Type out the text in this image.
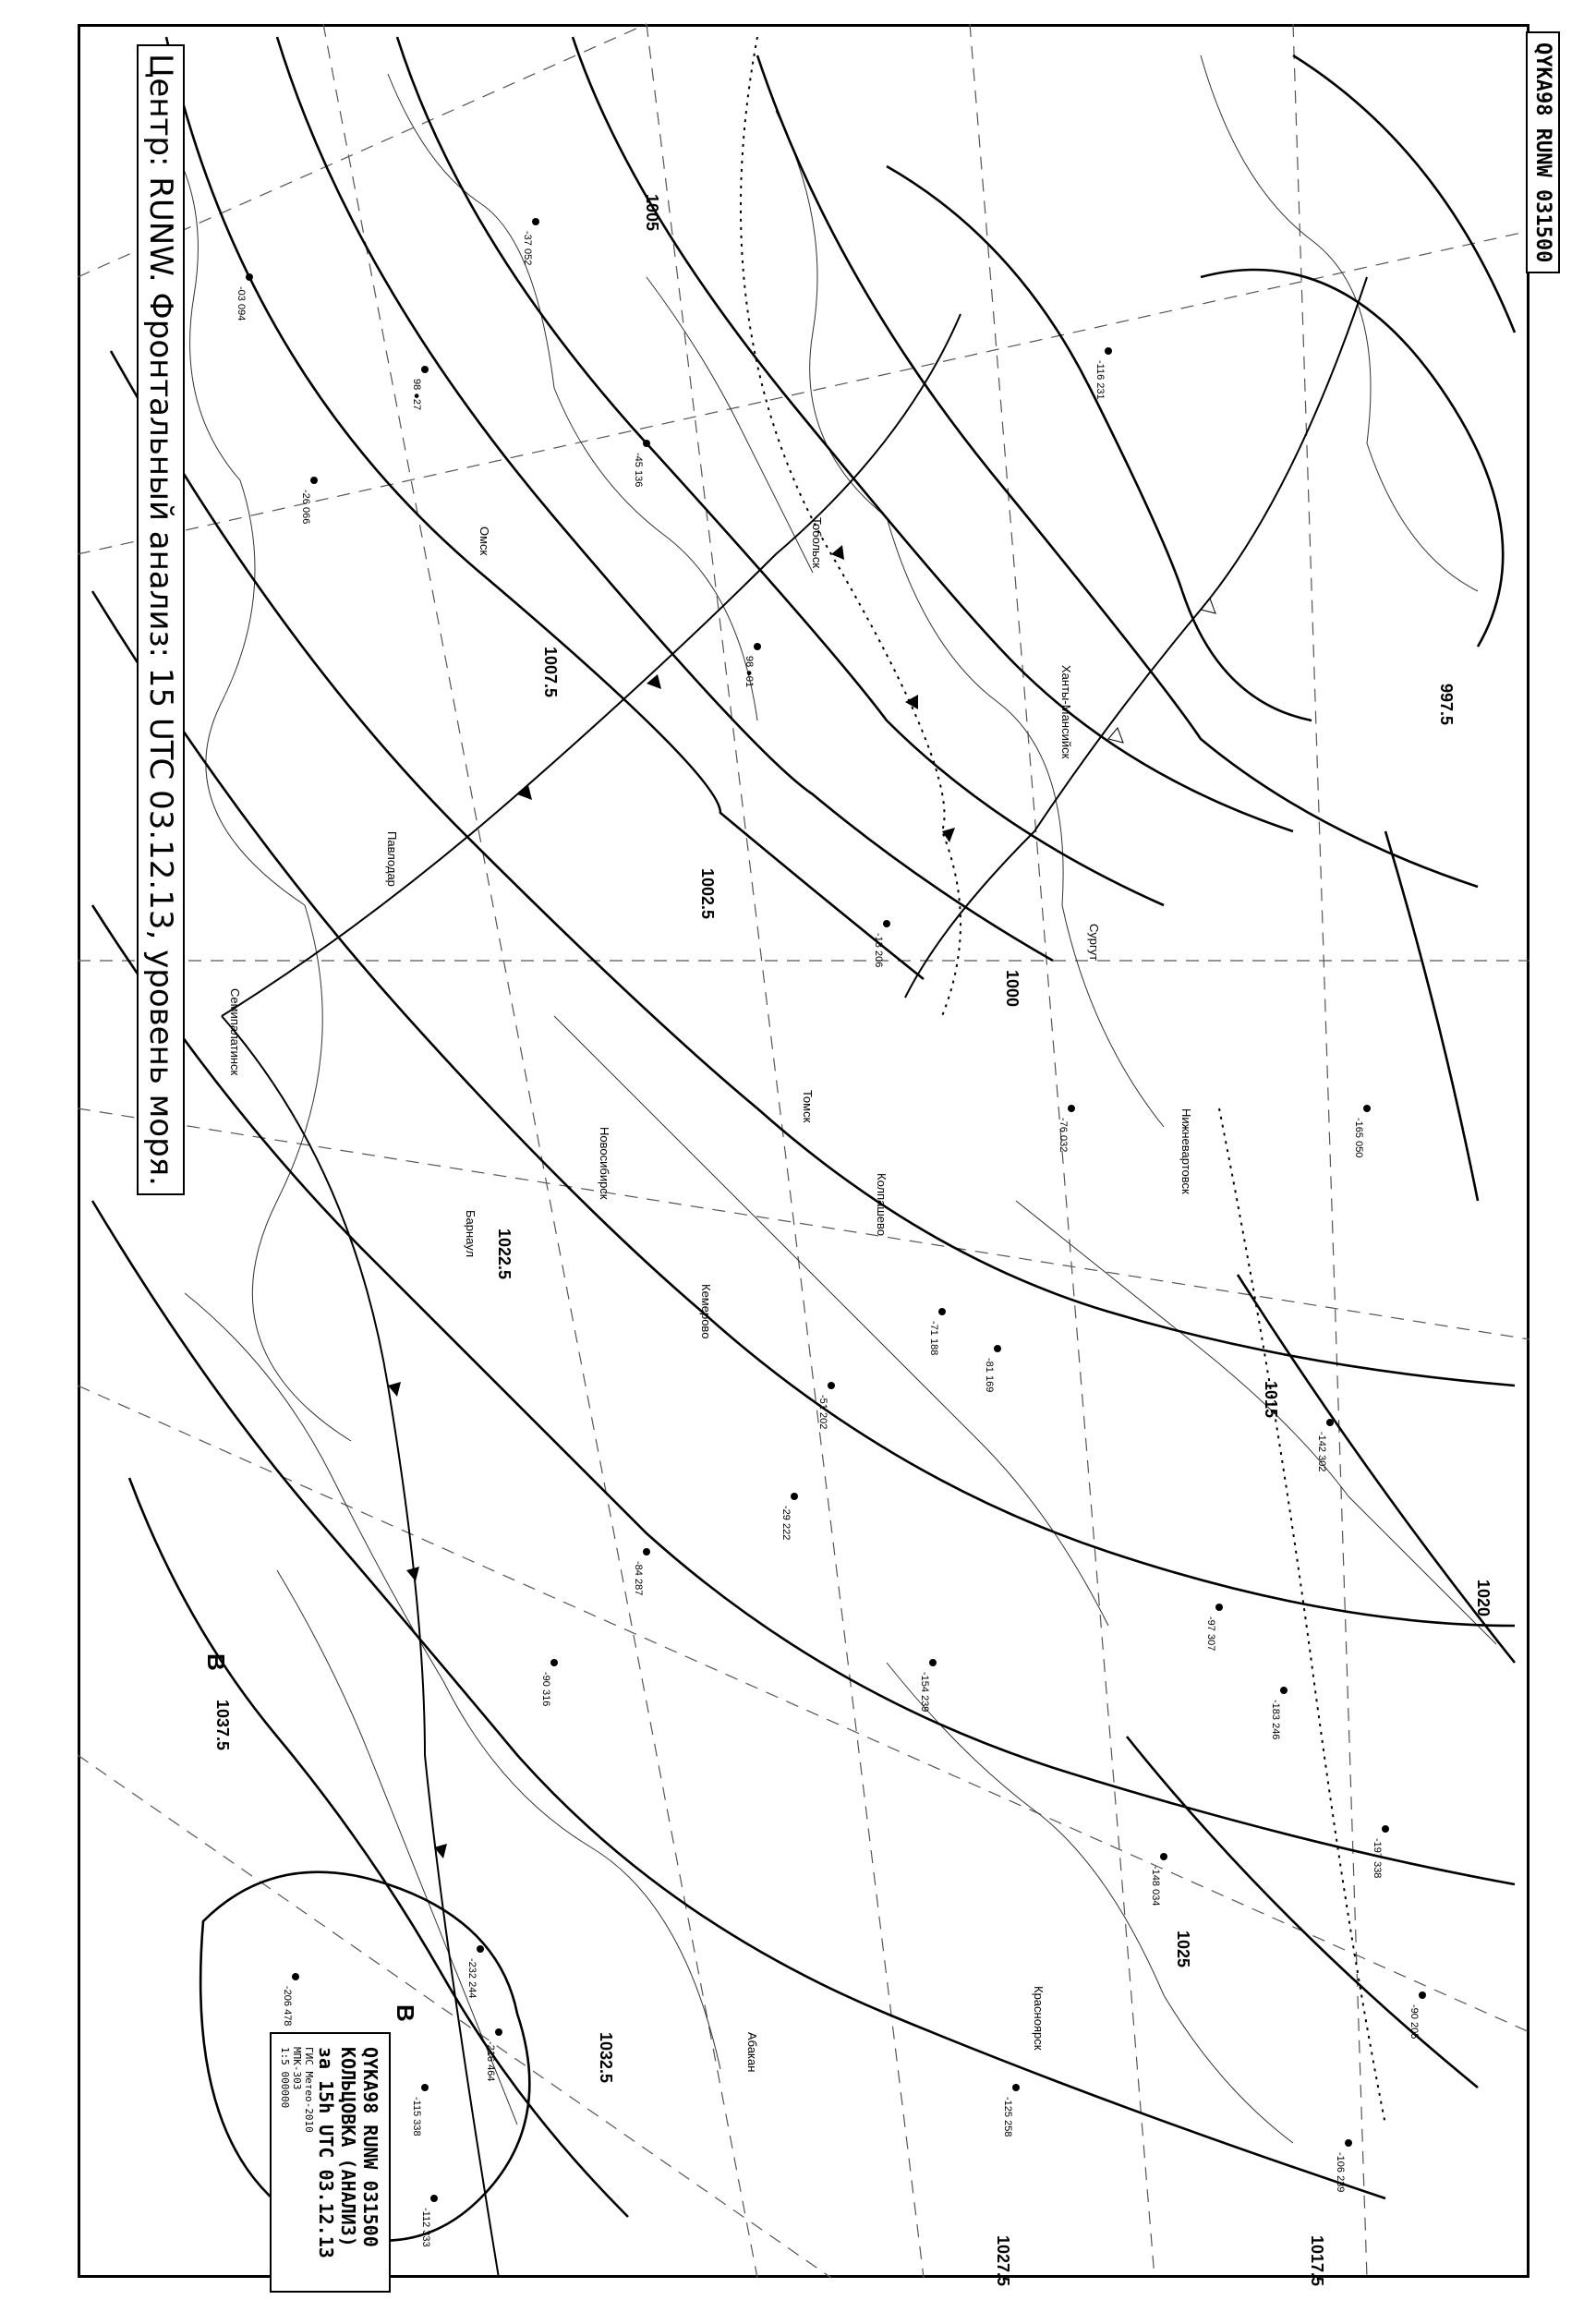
1005
1007.5
1002.5
1000
1022.5
1015
1020
1025
1032.5
1037.5
1017.5
1027.5
997.5
В
В
Омск
Новосибирск
Барнаул
Кемерово
Томск
Павлодар
Семипалатинск
Колпашево
Тобольск
Ханты-Мансийск
Нижневартовск
Сургут
Красноярск
Абакан
-03 094
-26 066
98 ●27
-37 052
-45 136
98 ●01
-51 202
-29 222
-13 206
-84 287
-90 316
-71 188
-76 032
-116 231
-148 034
-125 258
-106 239
-90 205
-97 307
-142 302
-197 338
-232 244
-206 478
-216 464
-183 246
-154 239
-115 338
-112 333
-165 050
-81 169
Центр: RUNW. Фронтальный анализ: 15 UTC 03.12.13, уровень моря.	QYKA98 RUNW 031500
QYKA98 RUNW 031500
КОЛЬЦОВКА (АНАЛИЗ)
за 15h UTC 03.12.13
ГИС Метео-2010
МПК-303
1:5 000000
